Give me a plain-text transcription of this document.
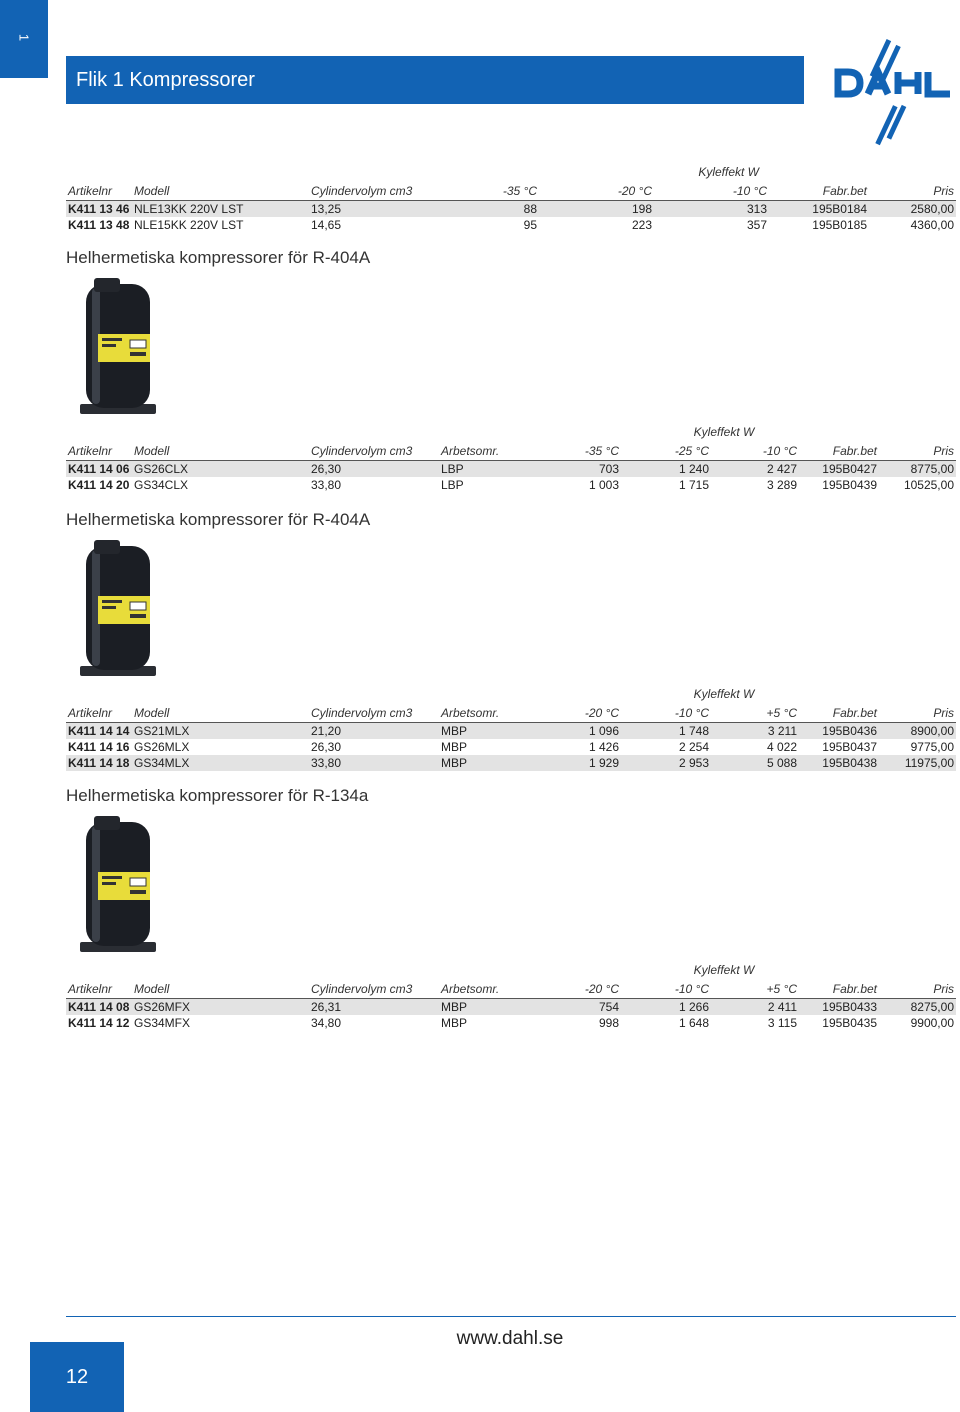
1
Flik 1 Kompressorer
				Kyleffekt W			
Artikelnr	Modell	Cylindervolym cm3	-35 °C	-20 °C	-10 °C	Fabr.bet	Pris
K411 13 46	NLE13KK 220V LST	13,25	88	198	313	195B0184	2580,00
K411 13 48	NLE15KK 220V LST	14,65	95	223	357	195B0185	4360,00
Helhermetiska kompressorer för R-404A
					Kyleffekt W			
Artikelnr	Modell	Cylindervolym cm3	Arbetsomr.	-35 °C	-25 °C	-10 °C	Fabr.bet	Pris
K411 14 06	GS26CLX	26,30	LBP	703	1 240	2 427	195B0427	8775,00
K411 14 20	GS34CLX	33,80	LBP	1 003	1 715	3 289	195B0439	10525,00
Helhermetiska kompressorer för R-404A
					Kyleffekt W			
Artikelnr	Modell	Cylindervolym cm3	Arbetsomr.	-20 °C	-10 °C	+5 °C	Fabr.bet	Pris
K411 14 14	GS21MLX	21,20	MBP	1 096	1 748	3 211	195B0436	8900,00
K411 14 16	GS26MLX	26,30	MBP	1 426	2 254	4 022	195B0437	9775,00
K411 14 18	GS34MLX	33,80	MBP	1 929	2 953	5 088	195B0438	11975,00
Helhermetiska kompressorer för R-134a
					Kyleffekt W			
Artikelnr	Modell	Cylindervolym cm3	Arbetsomr.	-20 °C	-10 °C	+5 °C	Fabr.bet	Pris
K411 14 08	GS26MFX	26,31	MBP	754	1 266	2 411	195B0433	8275,00
K411 14 12	GS34MFX	34,80	MBP	998	1 648	3 115	195B0435	9900,00
www.dahl.se
12
